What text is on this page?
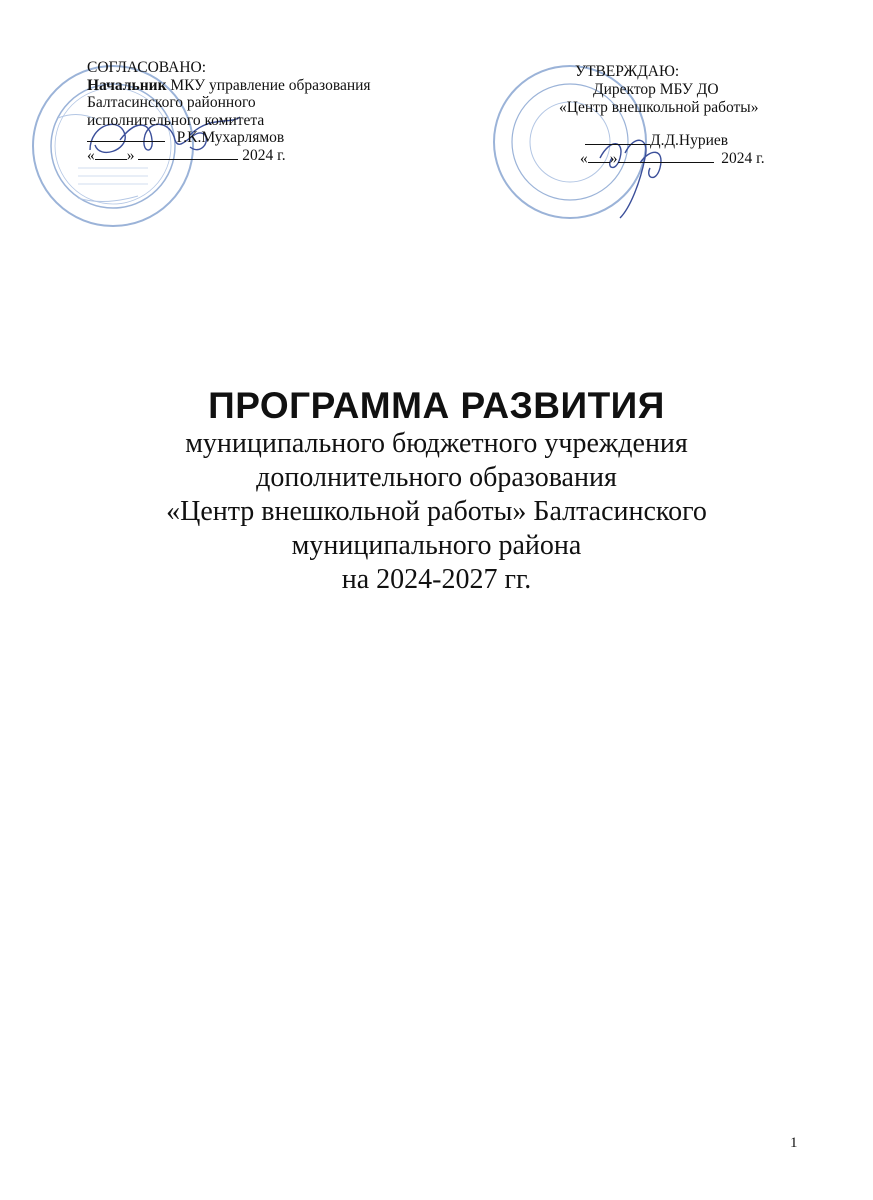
СОГЛАСОВАНО:
Начальник МКУ управление образования
Балтасинского районного
исполнительного комитета
Р.К.Мухарлямов
« »	2024 г.
УТВЕРЖДАЮ:
Директор МБУ ДО
«Центр внешкольной работы»
Д.Д.Нуриев
« »	2024 г.
ПРОГРАММА РАЗВИТИЯ
муниципального бюджетного учреждения
дополнительного образования
«Центр внешкольной работы» Балтасинского
муниципального района
на 2024-2027 гг.
1
